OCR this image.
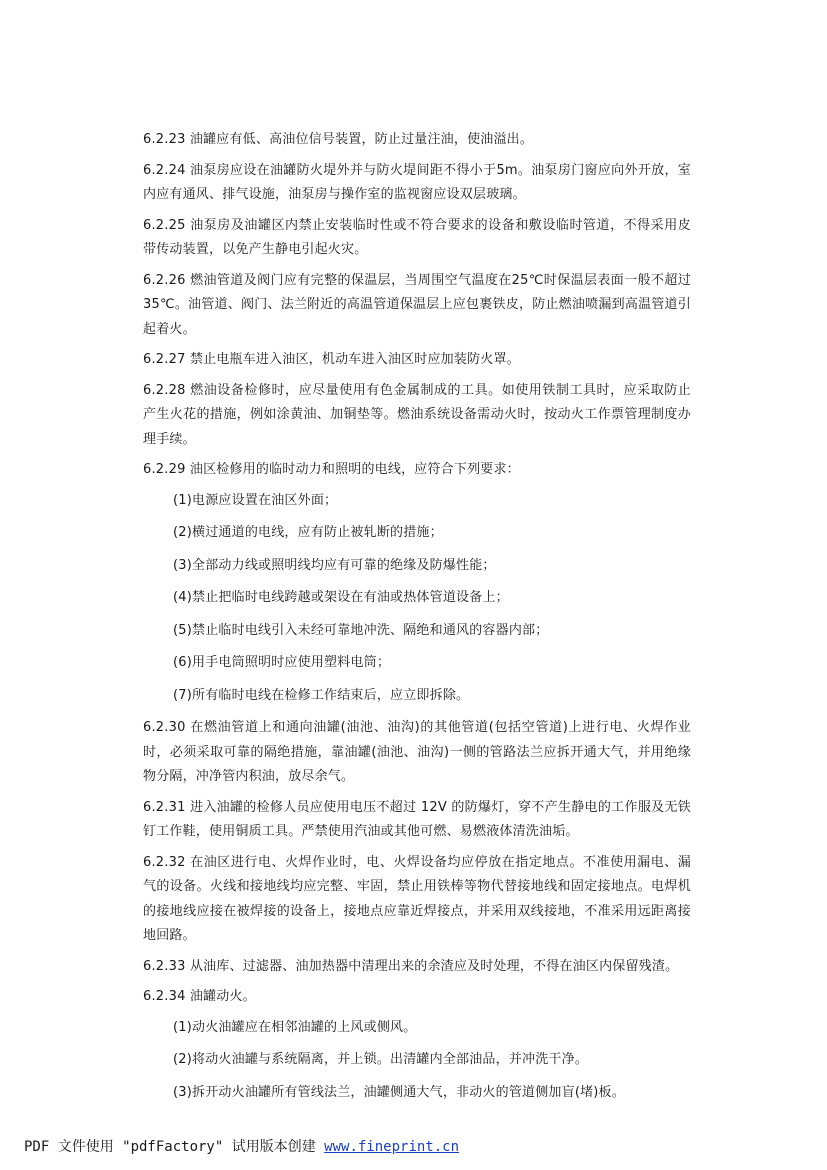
6.2.23 油罐应有低、高油位信号装置，防止过量注油，使油溢出。

6.2.24 油泵房应设在油罐防火堤外并与防火堤间距不得小于5m。油泵房门窗应向外开放，室内应有通风、排气设施，油泵房与操作室的监视窗应设双层玻璃。

6.2.25 油泵房及油罐区内禁止安装临时性或不符合要求的设备和敷设临时管道，不得采用皮带传动装置，以免产生静电引起火灾。

6.2.26 燃油管道及阀门应有完整的保温层，当周围空气温度在25℃时保温层表面一般不超过 35℃。油管道、阀门、法兰附近的高温管道保温层上应包裹铁皮，防止燃油喷漏到高温管道引起着火。

6.2.27 禁止电瓶车进入油区，机动车进入油区时应加装防火罩。

6.2.28 燃油设备检修时，应尽量使用有色金属制成的工具。如使用铁制工具时，应采取防止产生火花的措施，例如涂黄油、加铜垫等。燃油系统设备需动火时，按动火工作票管理制度办理手续。

6.2.29 油区检修用的临时动力和照明的电线，应符合下列要求：

(1)电源应设置在油区外面；
(2)横过通道的电线，应有防止被轧断的措施；
(3)全部动力线或照明线均应有可靠的绝缘及防爆性能；
(4)禁止把临时电线跨越或架设在有油或热体管道设备上；
(5)禁止临时电线引入未经可靠地冲洗、隔绝和通风的容器内部；
(6)用手电筒照明时应使用塑料电筒；
(7)所有临时电线在检修工作结束后，应立即拆除。

6.2.30 在燃油管道上和通向油罐(油池、油沟)的其他管道(包括空管道)上进行电、火焊作业时，必须采取可靠的隔绝措施，靠油罐(油池、油沟)一侧的管路法兰应拆开通大气，并用绝缘物分隔，冲净管内积油，放尽余气。

6.2.31 进入油罐的检修人员应使用电压不超过 12V 的防爆灯，穿不产生静电的工作服及无铁钉工作鞋，使用铜质工具。严禁使用汽油或其他可燃、易燃液体清洗油垢。

6.2.32 在油区进行电、火焊作业时，电、火焊设备均应停放在指定地点。不准使用漏电、漏气的设备。火线和接地线均应完整、牢固，禁止用铁棒等物代替接地线和固定接地点。电焊机的接地线应接在被焊接的设备上，接地点应靠近焊接点，并采用双线接地，不准采用远距离接地回路。

6.2.33 从油库、过滤器、油加热器中清理出来的余渣应及时处理，不得在油区内保留残渣。

6.2.34 油罐动火。

(1)动火油罐应在相邻油罐的上风或侧风。
(2)将动火油罐与系统隔离，并上锁。出清罐内全部油品，并冲洗干净。
(3)拆开动火油罐所有管线法兰，油罐侧通大气，非动火的管道侧加盲(堵)板。
PDF 文件使用 "pdfFactory" 试用版本创建 www.fineprint.cn
